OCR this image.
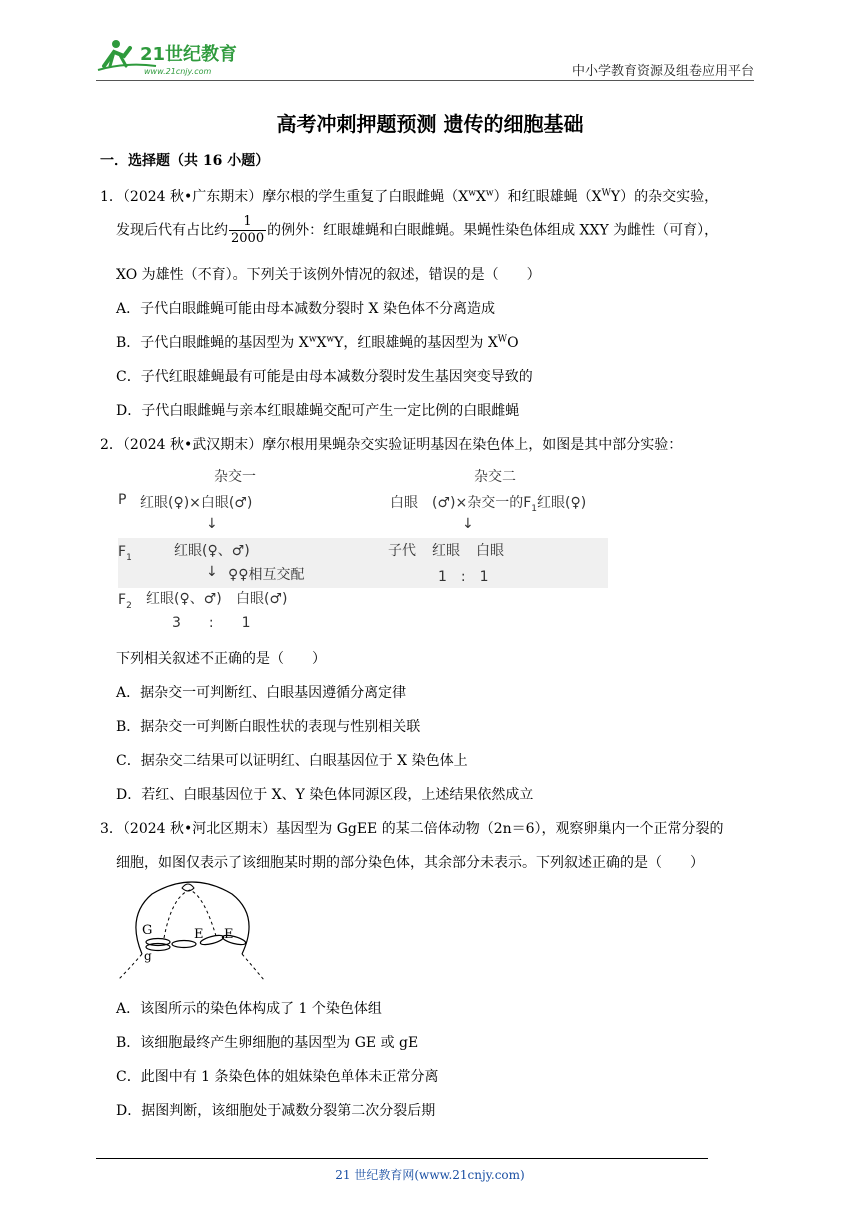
21世纪教育
www.21cnjy.com	中小学教育资源及组卷应用平台
高考冲刺押题预测 遗传的细胞基础
一．选择题（共 16 小题）
1．（2024 秋•广东期末）摩尔根的学生重复了白眼雌蝇$(X^wX^w)$和红眼雄蝇$(X^WY)$的杂交实验，
发现后代有占比约 $\frac{1}{2000}$ 的例外：红眼雄蝇和白眼雌蝇。果蝇性染色体组成 XXY 为雌性（可育），
XO 为雄性（不育）。下列关于该例外情况的叙述，错误的是（　　）
A．子代白眼雌蝇可能由母本减数分裂时 X 染色体不分离造成
B．子代白眼雌蝇的基因型为 $X^wX^wY$，红眼雄蝇的基因型为 $X^WO$
C．子代红眼雄蝇最有可能是由母本减数分裂时发生基因突变导致的
D．子代白眼雌蝇与亲本红眼雄蝇交配可产生一定比例的白眼雌蝇
2．（2024 秋•武汉期末）摩尔根用果蝇杂交实验证明基因在染色体上，如图是其中部分实验：
杂交一	杂交二
P 红眼(♀)×白眼(♂)	白眼　(♂)×杂交一的$F_1$红眼(♀)
↓	↓
$F_1$	红眼(♀、♂)	子代 红眼 白眼
↓ ♀♀相互交配	1　:　1
$F_2$ 红眼(♀、♂) 白眼(♂)
3　　:　　1
下列相关叙述不正确的是（　　）
A．据杂交一可判断红、白眼基因遵循分离定律
B．据杂交一可判断白眼性状的表现与性别相关联
C．据杂交二结果可以证明红、白眼基因位于 X 染色体上
D．若红、白眼基因位于 X、Y 染色体同源区段，上述结果依然成立
3．（2024 秋•河北区期末）基因型为 GgEE 的某二倍体动物（2n＝6），观察卵巢内一个正常分裂的
细胞，如图仅表示了该细胞某时期的部分染色体，其余部分未表示。下列叙述正确的是（　　）
G
g
E E
A．该图所示的染色体构成了 1 个染色体组
B．该细胞最终产生卵细胞的基因型为 GE 或 gE
C．此图中有 1 条染色体的姐妹染色单体未正常分离
D．据图判断，该细胞处于减数分裂第二次分裂后期
21 世纪教育网(www.21cnjy.com)
